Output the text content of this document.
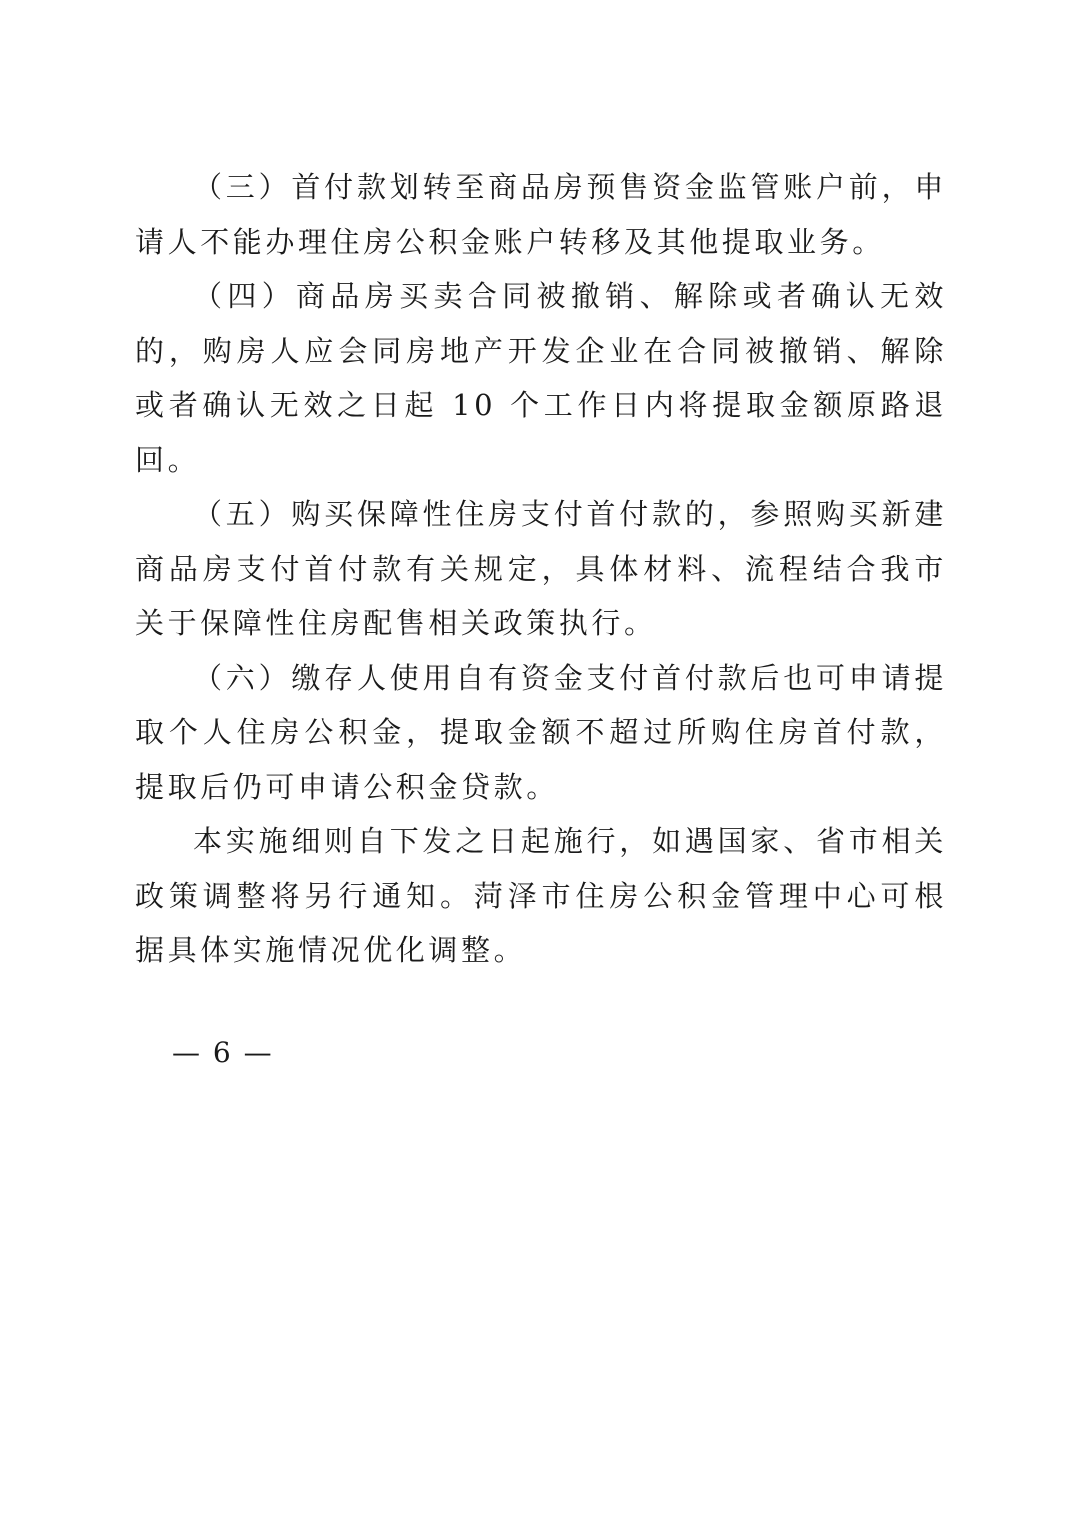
（三）首付款划转至商品房预售资金监管账户前，申请人不能办理住房公积金账户转移及其他提取业务。

（四）商品房买卖合同被撤销、解除或者确认无效的，购房人应会同房地产开发企业在合同被撤销、解除或者确认无效之日起 10 个工作日内将提取金额原路退回。

（五）购买保障性住房支付首付款的，参照购买新建商品房支付首付款有关规定，具体材料、流程结合我市关于保障性住房配售相关政策执行。

（六）缴存人使用自有资金支付首付款后也可申请提取个人住房公积金，提取金额不超过所购住房首付款，提取后仍可申请公积金贷款。

本实施细则自下发之日起施行，如遇国家、省市相关政策调整将另行通知。菏泽市住房公积金管理中心可根据具体实施情况优化调整。

— 6 —
